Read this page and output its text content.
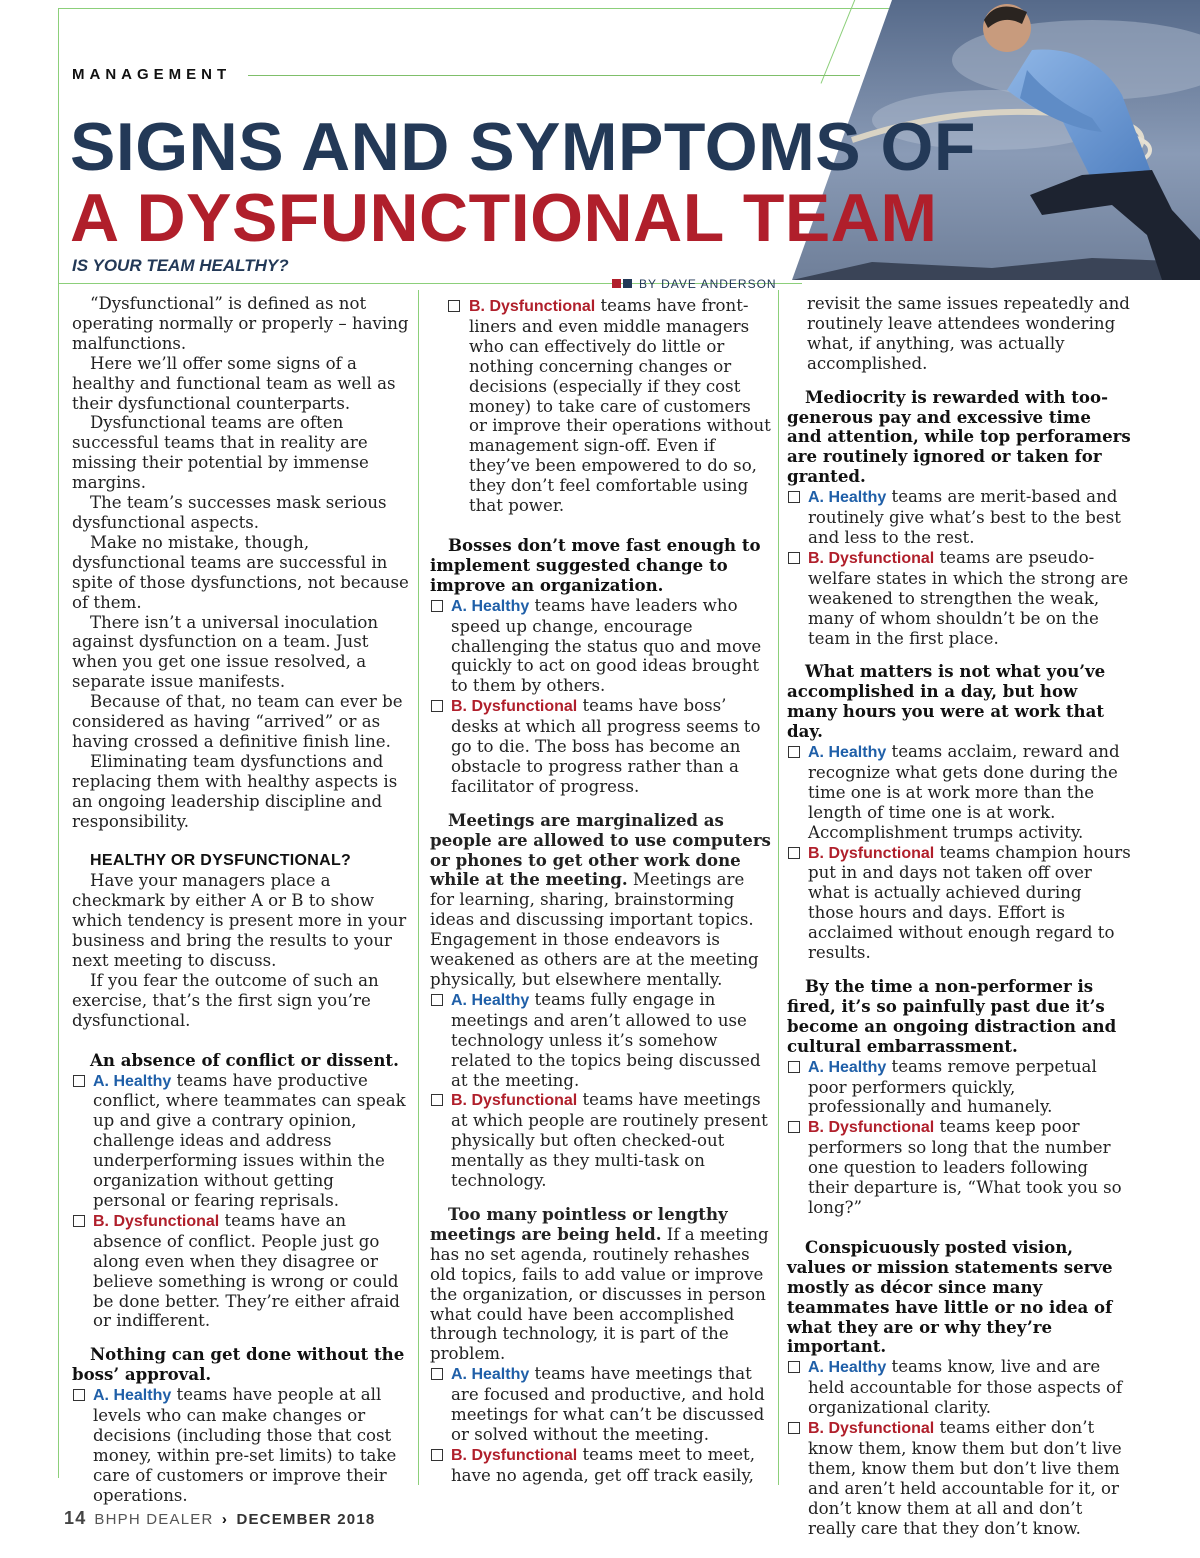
MANAGEMENT
SIGNS AND SYMPTOMS OF
A DYSFUNCTIONAL TEAM
IS YOUR TEAM HEALTHY?
BY DAVE ANDERSON

“Dysfunctional” is defined as not operating normally or properly – having malfunctions.

Here we’ll offer some signs of a healthy and functional team as well as their dysfunctional counterparts.

Dysfunctional teams are often successful teams that in reality are missing their potential by immense margins.

The team’s successes mask serious dysfunctional aspects.

Make no mistake, though, dysfunctional teams are successful in spite of those dysfunctions, not because of them.

There isn’t a universal inoculation against dysfunction on a team. Just when you get one issue resolved, a separate issue manifests.

Because of that, no team can ever be considered as having “arrived” or as having crossed a definitive finish line.

Eliminating team dysfunctions and replacing them with healthy aspects is an ongoing leadership discipline and responsibility.

HEALTHY OR DYSFUNCTIONAL?

Have your managers place a checkmark by either A or B to show which tendency is present more in your business and bring the results to your next meeting to discuss.

If you fear the outcome of such an exercise, that’s the first sign you’re dysfunctional.

An absence of conflict or dissent.

A. Healthy teams have productive conflict, where teammates can speak up and give a contrary opinion, challenge ideas and address underperforming issues within the organization without getting personal or fearing reprisals.
B. Dysfunctional teams have an absence of conflict. People just go along even when they disagree or believe something is wrong or could be done better. They’re either afraid or indifferent.

Nothing can get done without the boss’ approval.

A. Healthy teams have people at all levels who can make changes or decisions (including those that cost money, within pre-set limits) to take care of customers or improve their operations.
B. Dysfunctional teams have front-liners and even middle managers who can effectively do little or nothing concerning changes or decisions (especially if they cost money) to take care of customers or improve their operations without management sign-off. Even if they’ve been empowered to do so, they don’t feel comfortable using that power.

Bosses don’t move fast enough to implement suggested change to improve an organization.

A. Healthy teams have leaders who speed up change, encourage challenging the status quo and move quickly to act on good ideas brought to them by others.
B. Dysfunctional teams have boss’ desks at which all progress seems to go to die. The boss has become an obstacle to progress rather than a facilitator of progress.

Meetings are marginalized as people are allowed to use computers or phones to get other work done while at the meeting. Meetings are for learning, sharing, brainstorming ideas and discussing important topics. Engagement in those endeavors is weakened as others are at the meeting physically, but elsewhere mentally.

A. Healthy teams fully engage in meetings and aren’t allowed to use technology unless it’s somehow related to the topics being discussed at the meeting.
B. Dysfunctional teams have meetings at which people are routinely present physically but often checked-out mentally as they multi-task on technology.

Too many pointless or lengthy meetings are being held. If a meeting has no set agenda, routinely rehashes old topics, fails to add value or improve the organization, or discusses in person what could have been accomplished through technology, it is part of the problem.

A. Healthy teams have meetings that are focused and productive, and hold meetings for what can’t be discussed or solved without the meeting.
B. Dysfunctional teams meet to meet, have no agenda, get off track easily,

revisit the same issues repeatedly and routinely leave attendees wondering what, if anything, was actually accomplished.

Mediocrity is rewarded with too-generous pay and excessive time and attention, while top perforamers are routinely ignored or taken for granted.

A. Healthy teams are merit-based and routinely give what’s best to the best and less to the rest.
B. Dysfunctional teams are pseudo-welfare states in which the strong are weakened to strengthen the weak, many of whom shouldn’t be on the team in the first place.

What matters is not what you’ve accomplished in a day, but how many hours you were at work that day.

A. Healthy teams acclaim, reward and recognize what gets done during the time one is at work more than the length of time one is at work. Accomplishment trumps activity.
B. Dysfunctional teams champion hours put in and days not taken off over what is actually achieved during those hours and days. Effort is acclaimed without enough regard to results.

By the time a non-performer is fired, it’s so painfully past due it’s become an ongoing distraction and cultural embarrassment.

A. Healthy teams remove perpetual poor performers quickly, professionally and humanely.
B. Dysfunctional teams keep poor performers so long that the number one question to leaders following their departure is, “What took you so long?”

Conspicuously posted vision, values or mission statements serve mostly as décor since many teammates have little or no idea of what they are or why they’re important.

A. Healthy teams know, live and are held accountable for those aspects of organizational clarity.
B. Dysfunctional teams either don’t know them, know them but don’t live them, know them but don’t live them and aren’t held accountable for it, or don’t know them at all and don’t really care that they don’t know.
14 BHPH DEALER › DECEMBER 2018
